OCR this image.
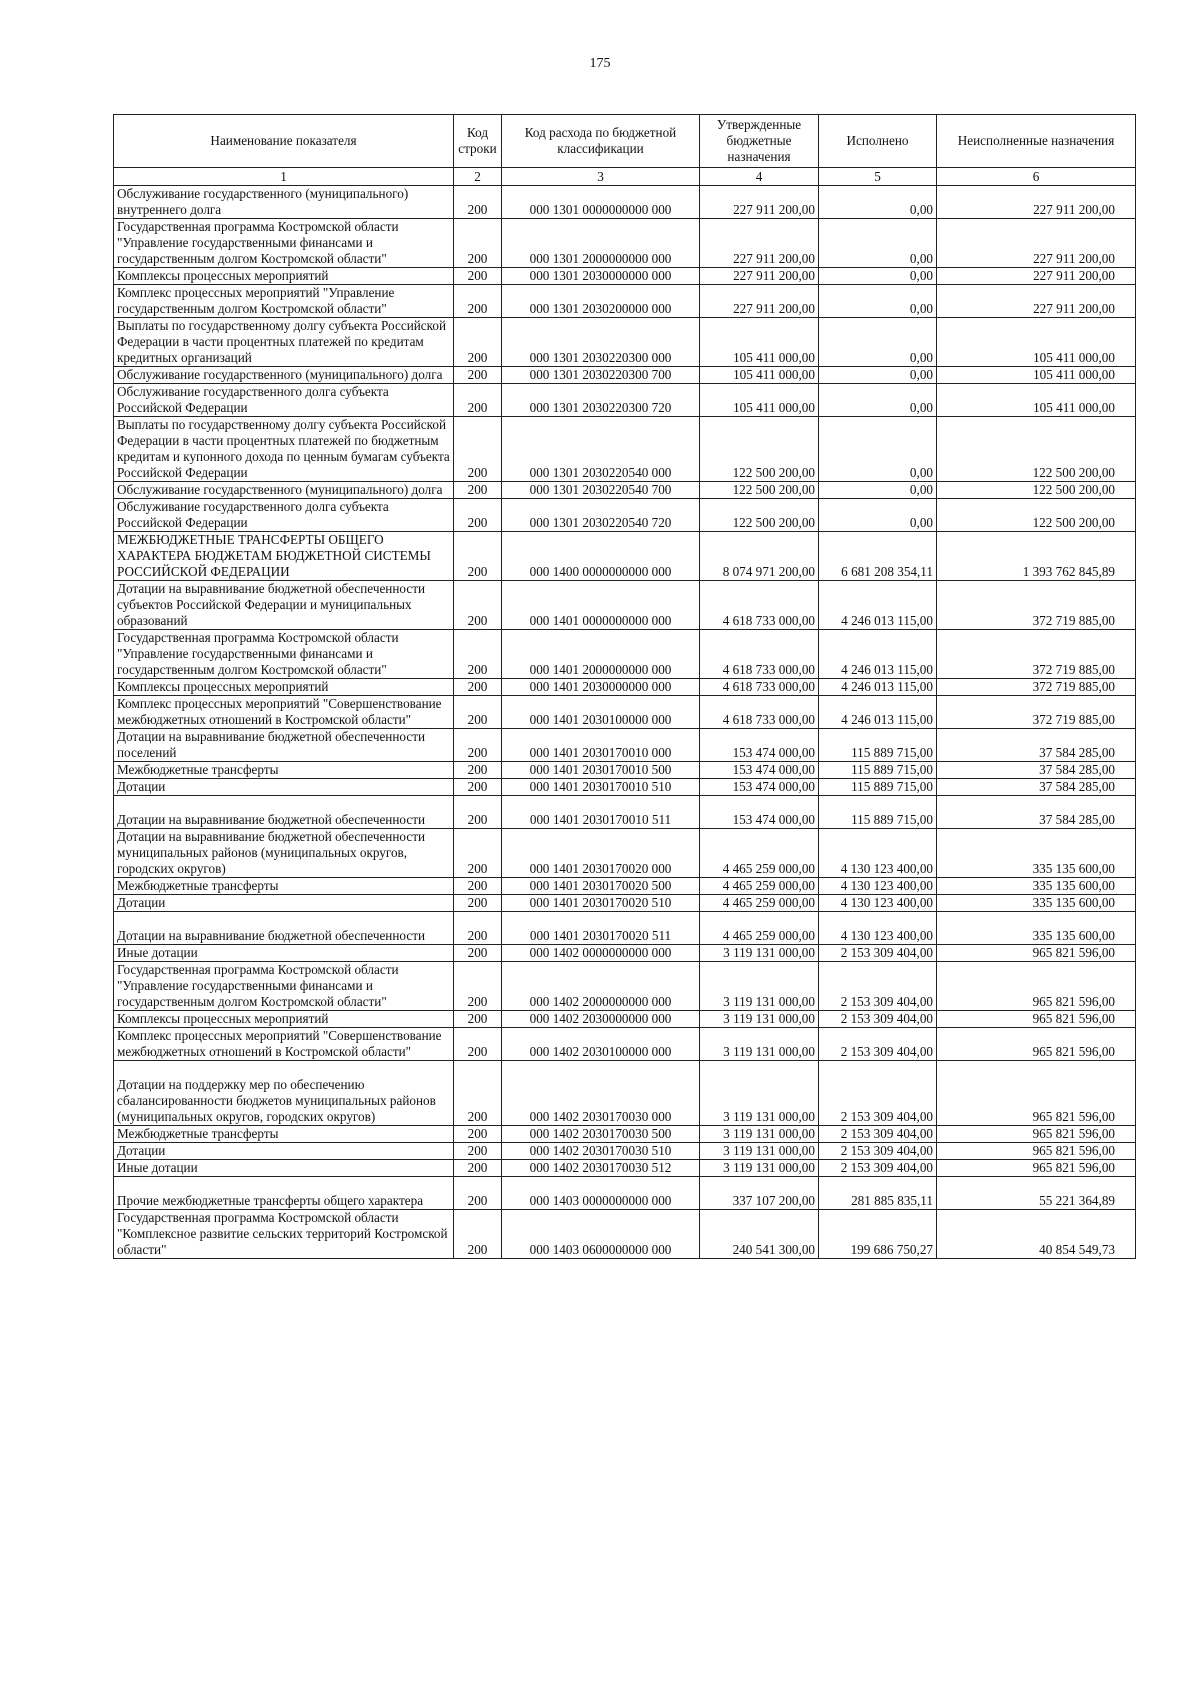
175
Наименование показателя	Код строки	Код расхода по бюджетной классификации	Утвержденные бюджетные назначения	Исполнено	Неисполненные назначения
1	2	3	4	5	6
Обслуживание государственного (муниципального) внутреннего долга	200	000 1301 0000000000 000	227 911 200,00	0,00	227 911 200,00
Государственная программа Костромской области "Управление государственными финансами и государственным долгом Костромской области"	200	000 1301 2000000000 000	227 911 200,00	0,00	227 911 200,00
Комплексы процессных мероприятий	200	000 1301 2030000000 000	227 911 200,00	0,00	227 911 200,00
Комплекс процессных мероприятий "Управление государственным долгом Костромской области"	200	000 1301 2030200000 000	227 911 200,00	0,00	227 911 200,00
Выплаты по государственному долгу субъекта Российской Федерации в части процентных платежей по кредитам кредитных организаций	200	000 1301 2030220300 000	105 411 000,00	0,00	105 411 000,00
Обслуживание государственного (муниципального) долга	200	000 1301 2030220300 700	105 411 000,00	0,00	105 411 000,00
Обслуживание государственного долга субъекта Российской Федерации	200	000 1301 2030220300 720	105 411 000,00	0,00	105 411 000,00
Выплаты по государственному долгу субъекта Российской Федерации в части процентных платежей по бюджетным кредитам и купонного дохода по ценным бумагам субъекта Российской Федерации	200	000 1301 2030220540 000	122 500 200,00	0,00	122 500 200,00
Обслуживание государственного (муниципального) долга	200	000 1301 2030220540 700	122 500 200,00	0,00	122 500 200,00
Обслуживание государственного долга субъекта Российской Федерации	200	000 1301 2030220540 720	122 500 200,00	0,00	122 500 200,00
МЕЖБЮДЖЕТНЫЕ ТРАНСФЕРТЫ ОБЩЕГО ХАРАКТЕРА БЮДЖЕТАМ БЮДЖЕТНОЙ СИСТЕМЫ РОССИЙСКОЙ ФЕДЕРАЦИИ	200	000 1400 0000000000 000	8 074 971 200,00	6 681 208 354,11	1 393 762 845,89
Дотации на выравнивание бюджетной обеспеченности субъектов Российской Федерации и муниципальных образований	200	000 1401 0000000000 000	4 618 733 000,00	4 246 013 115,00	372 719 885,00
Государственная программа Костромской области "Управление государственными финансами и государственным долгом Костромской области"	200	000 1401 2000000000 000	4 618 733 000,00	4 246 013 115,00	372 719 885,00
Комплексы процессных мероприятий	200	000 1401 2030000000 000	4 618 733 000,00	4 246 013 115,00	372 719 885,00
Комплекс процессных мероприятий "Совершенствование межбюджетных отношений в Костромской области"	200	000 1401 2030100000 000	4 618 733 000,00	4 246 013 115,00	372 719 885,00
Дотации на выравнивание бюджетной обеспеченности поселений	200	000 1401 2030170010 000	153 474 000,00	115 889 715,00	37 584 285,00
Межбюджетные трансферты	200	000 1401 2030170010 500	153 474 000,00	115 889 715,00	37 584 285,00
Дотации	200	000 1401 2030170010 510	153 474 000,00	115 889 715,00	37 584 285,00
Дотации на выравнивание бюджетной обеспеченности	200	000 1401 2030170010 511	153 474 000,00	115 889 715,00	37 584 285,00
Дотации на выравнивание бюджетной обеспеченности муниципальных районов (муниципальных округов, городских округов)	200	000 1401 2030170020 000	4 465 259 000,00	4 130 123 400,00	335 135 600,00
Межбюджетные трансферты	200	000 1401 2030170020 500	4 465 259 000,00	4 130 123 400,00	335 135 600,00
Дотации	200	000 1401 2030170020 510	4 465 259 000,00	4 130 123 400,00	335 135 600,00
Дотации на выравнивание бюджетной обеспеченности	200	000 1401 2030170020 511	4 465 259 000,00	4 130 123 400,00	335 135 600,00
Иные дотации	200	000 1402 0000000000 000	3 119 131 000,00	2 153 309 404,00	965 821 596,00
Государственная программа Костромской области "Управление государственными финансами и государственным долгом Костромской области"	200	000 1402 2000000000 000	3 119 131 000,00	2 153 309 404,00	965 821 596,00
Комплексы процессных мероприятий	200	000 1402 2030000000 000	3 119 131 000,00	2 153 309 404,00	965 821 596,00
Комплекс процессных мероприятий "Совершенствование межбюджетных отношений в Костромской области"	200	000 1402 2030100000 000	3 119 131 000,00	2 153 309 404,00	965 821 596,00
Дотации на поддержку мер по обеспечению сбалансированности бюджетов муниципальных районов (муниципальных округов, городских округов)	200	000 1402 2030170030 000	3 119 131 000,00	2 153 309 404,00	965 821 596,00
Межбюджетные трансферты	200	000 1402 2030170030 500	3 119 131 000,00	2 153 309 404,00	965 821 596,00
Дотации	200	000 1402 2030170030 510	3 119 131 000,00	2 153 309 404,00	965 821 596,00
Иные дотации	200	000 1402 2030170030 512	3 119 131 000,00	2 153 309 404,00	965 821 596,00
Прочие межбюджетные трансферты общего характера	200	000 1403 0000000000 000	337 107 200,00	281 885 835,11	55 221 364,89
Государственная программа Костромской области "Комплексное развитие сельских территорий Костромской области"	200	000 1403 0600000000 000	240 541 300,00	199 686 750,27	40 854 549,73
